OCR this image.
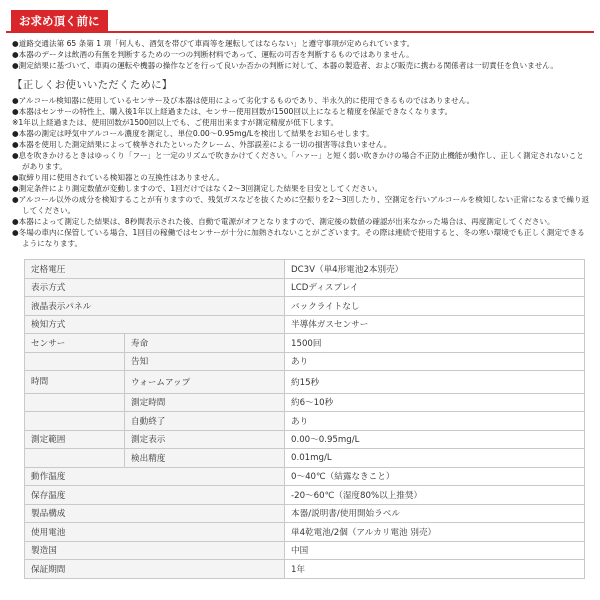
お求め頂く前に
●道路交通法第 65 条第 1 項「何人も、酒気を帯びて車両等を運転してはならない」と遵守事項が定められています。
●本器のデータは飲酒の有無を判断するための一つの判断材料であって、運転の可否を判断するものではありません。
●測定結果に基づいて、車両の運転や機器の操作などを行って良いか否かの判断に対して、本器の製造者、および販売に携わる関係者は一切責任を負いません。
【正しくお使いいただくために】
●アルコール検知器に使用しているセンサー及び本器は使用によって劣化するものであり、半永久的に使用できるものではありません。
●本器はセンサーの特性上、購入後1年以上経過または、センサー使用回数が1500回以上になると精度を保証できなくなります。
※1年以上経過または、使用回数が1500回以上でも、ご使用出来ますが測定精度が低下します。
●本器の測定は呼気中アルコール濃度を測定し、単位0.00～0.95mg/Lを検出して結果をお知らせします。
●本器を使用した測定結果によって検挙されたといったクレーム、外部誤差による一切の損害等は負いません。
●息を吹きかけるときはゆっくり「フー」と一定のリズムで吹きかけてください。「ハァー」と短く弱い吹きかけの場合不正防止機能が動作し、正しく測定されないことがあります。
●取締り用に使用されている検知器との互換性はありません。
●測定条件により測定数値が変動しますので、1回だけではなく2～3回測定した結果を目安としてください。
●アルコール以外の成分を検知することが有りますので、残気ガスなどを抜くために空振りを2～3回したり、空測定を行いアルコールを検知しない正常になるまで繰り返してください。
●本器によって測定した結果は、8秒間表示された後、自動で電源がオフとなりますので、測定後の数値の確認が出来なかった場合は、再度測定してください。
●冬場の車内に保管している場合、1回目の稼働ではセンサーが十分に加熱されないことがございます。その際は連続で使用すると、冬の寒い環境でも正しく測定できるようになります。
定格電圧		DC3V（単4形電池2本別売）
表示方式		LCDディスプレイ
液晶表示パネル		バックライトなし
検知方式		半導体ガスセンサー
センサー	寿命	1500回
	告知	あり
時間	ウォームアップ	約15秒
	測定時間	約6～10秒
	自動終了	あり
測定範囲	測定表示	0.00～0.95mg/L
	検出精度	0.01mg/L
動作温度		0～40℃（結露なきこと）
保存温度		-20～60℃（湿度80%以上推奨）
製品構成		本器/説明書/使用開始ラベル
使用電池		単4乾電池/2個（アルカリ電池 別売）
製造国		中国
保証期間		1年
